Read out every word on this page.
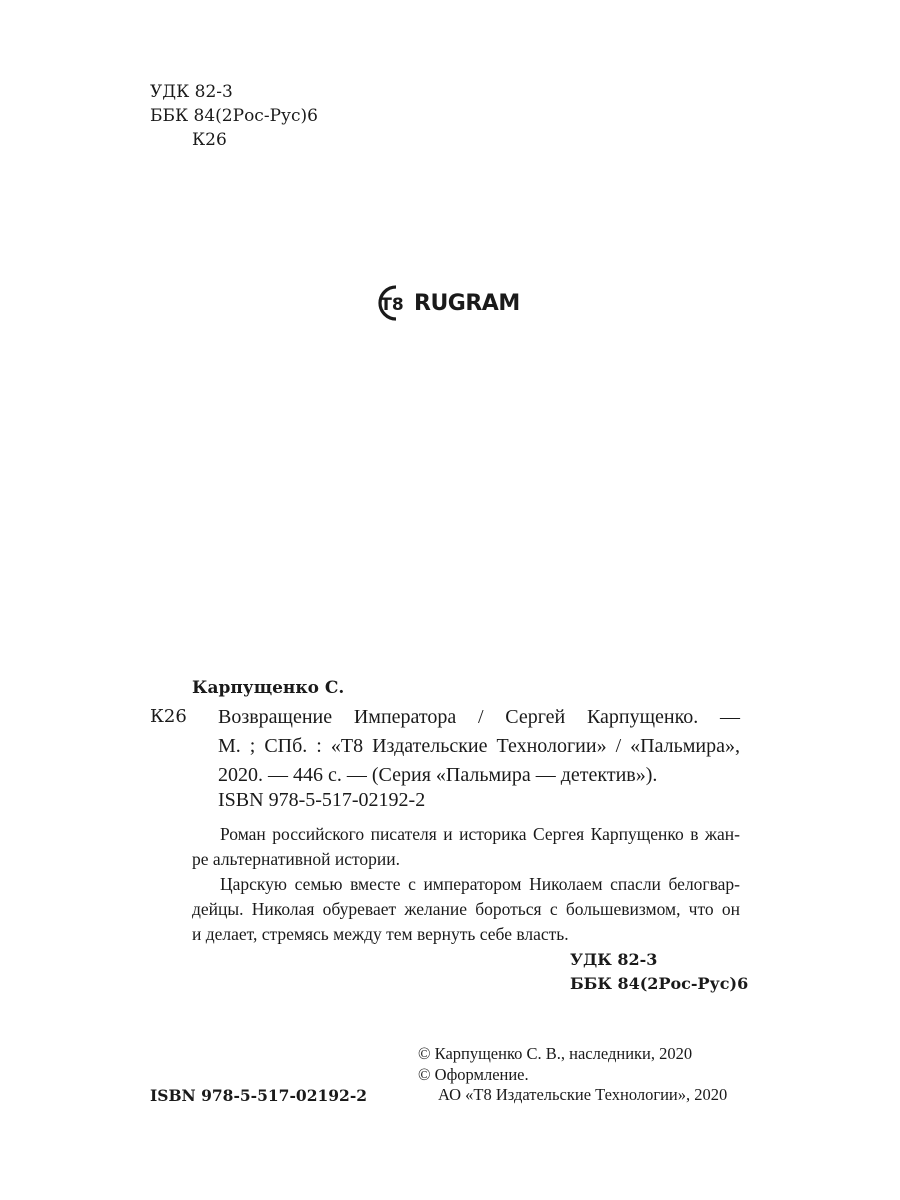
УДК 82-3
ББК 84(2Рос-Рус)6
К26
T8 RUGRAM
Карпущенко С.
К26 Возвращение Императора / Сергей Карпущенко. —
М. ; СПб. : «Т8 Издательские Технологии» / «Пальмира»,
2020. — 446 с. — (Серия «Пальмира — детектив»).
ISBN 978-5-517-02192-2
Роман российского писателя и историка Сергея Карпущенко в жан-
ре альтернативной истории.
Царскую семью вместе с императором Николаем спасли белогвар-
дейцы. Николая обуревает желание бороться с большевизмом, что он
и делает, стремясь между тем вернуть себе власть.
УДК 82-3
ББК 84(2Рос-Рус)6
© Карпущенко С. В., наследники, 2020
© Оформление.
АО «Т8 Издательские Технологии», 2020
ISBN 978-5-517-02192-2
